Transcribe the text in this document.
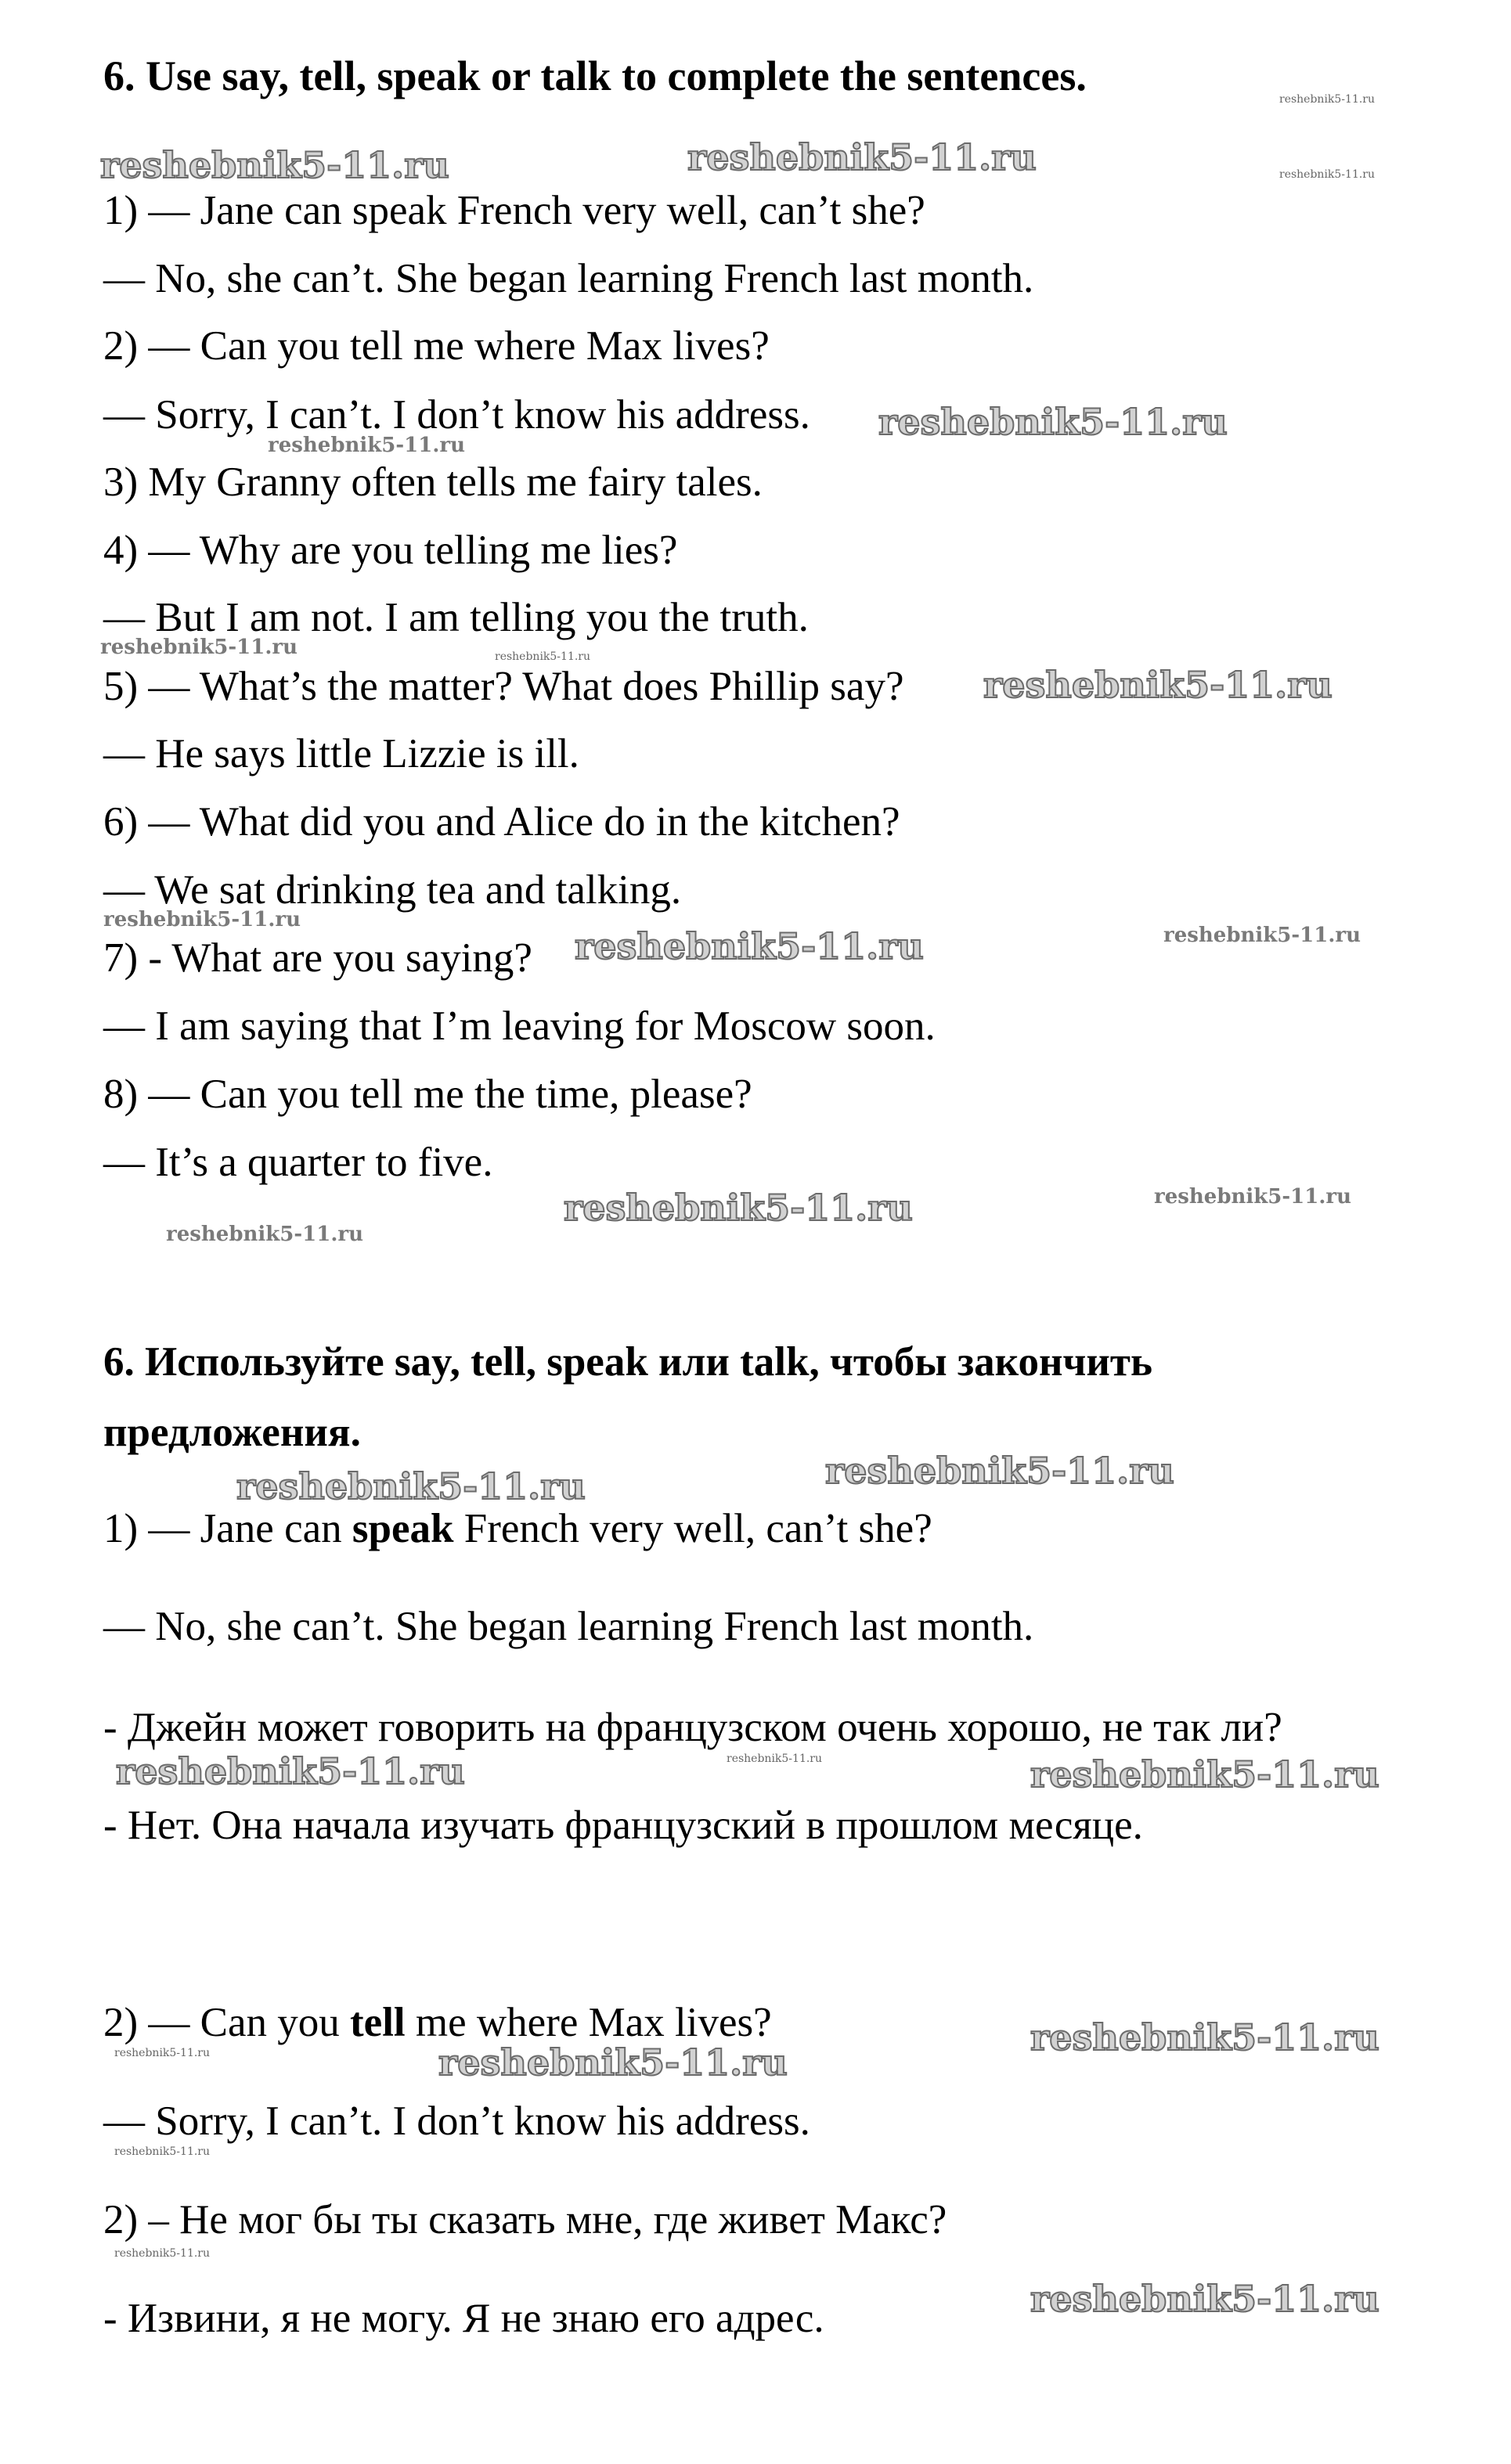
6. Use say, tell, speak or talk to complete the sentences.
1) — Jane can speak French very well, can’t she?
— No, she can’t. She began learning French last month.
2) — Can you tell me where Max lives?
— Sorry, I can’t. I don’t know his address.
3) My Granny often tells me fairy tales.
4) — Why are you telling me lies?
— But I am not. I am telling you the truth.
5) — What’s the matter? What does Phillip say?
— He says little Lizzie is ill.
6) — What did you and Alice do in the kitchen?
— We sat drinking tea and talking.
7) - What are you saying?
— I am saying that I’m leaving for Moscow soon.
8) — Can you tell me the time, please?
— It’s a quarter to five.
6. Используйте say, tell, speak или talk, чтобы закончить
предложения.
1) — Jane can speak French very well, can’t she?
— No, she can’t. She began learning French last month.
- Джейн может говорить на французском очень хорошо, не так ли?
- Нет. Она начала изучать французский в прошлом месяце.
2) — Can you tell me where Max lives?
— Sorry, I can’t. I don’t know his address.
2) – Не мог бы ты сказать мне, где живет Макс?
- Извини, я не могу. Я не знаю его адрес.
reshebnik5-11.ru	reshebnik5-11.ru
reshebnik5-11.ru
reshebnik5-11.ru
reshebnik5-11.ru
reshebnik5-11.ru
reshebnik5-11.ru	reshebnik5-11.ru
reshebnik5-11.ru
reshebnik5-11.ru
reshebnik5-11.ru	reshebnik5-11.ru
reshebnik5-11.ru	reshebnik5-11.ru
reshebnik5-11.ru
reshebnik5-11.ru	reshebnik5-11.ru
reshebnik5-11.ru	reshebnik5-11.ru	reshebnik5-11.ru
reshebnik5-11.ru
reshebnik5-11.ru	reshebnik5-11.ru
reshebnik5-11.ru
reshebnik5-11.ru
reshebnik5-11.ru
